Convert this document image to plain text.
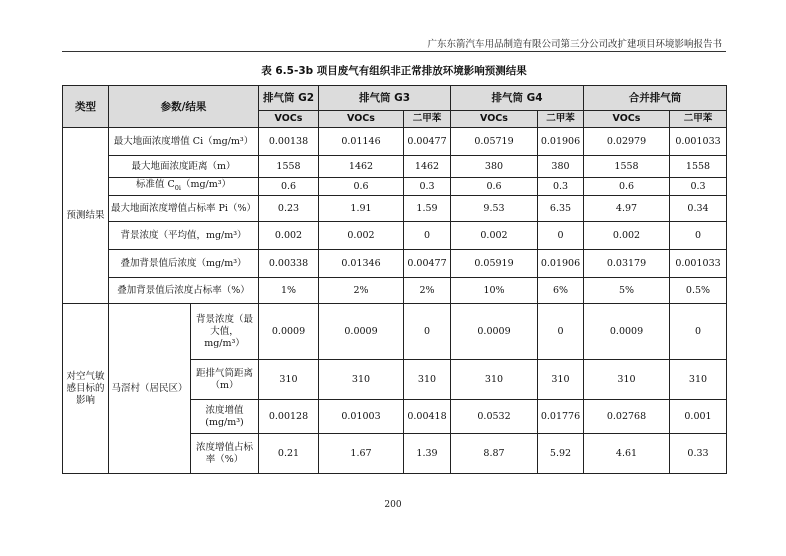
广东东箭汽车用品制造有限公司第三分公司改扩建项目环境影响报告书
表 6.5-3b 项目废气有组织非正常排放环境影响预测结果
类型	参数/结果		排气筒 G2	排气筒 G3		排气筒 G4		合并排气筒	
			VOCs	VOCs	二甲苯	VOCs	二甲苯	VOCs	二甲苯
预测结果	最大地面浓度增值 Ci（mg/m³）		0.00138	0.01146	0.00477	0.05719	0.01906	0.02979	0.001033
	最大地面浓度距离（m）		1558	1462	1462	380	380	1558	1558
	标准值 $C_{0i}(mg/m^3)$		0.6	0.6	0.3	0.6	0.3	0.6	0.3
	最大地面浓度增值占标率 Pi（%）		0.23	1.91	1.59	9.53	6.35	4.97	0.34
	背景浓度（平均值，mg/m³）		0.002	0.002	0	0.002	0	0.002	0
	叠加背景值后浓度（mg/m³）		0.00338	0.01346	0.00477	0.05919	0.01906	0.03179	0.001033
	叠加背景值后浓度占标率（%）		1%	2%	2%	10%	6%	5%	0.5%
对空气敏感目标的影响	马滘村（居民区）	背景浓度（最大值，mg/m³）	0.0009	0.0009	0	0.0009	0	0.0009	0
		距排气筒距离（m）	310	310	310	310	310	310	310
		浓度增值 (mg/m³)	0.00128	0.01003	0.00418	0.0532	0.01776	0.02768	0.001
		浓度增值占标率（%）	0.21	1.67	1.39	8.87	5.92	4.61	0.33
200
